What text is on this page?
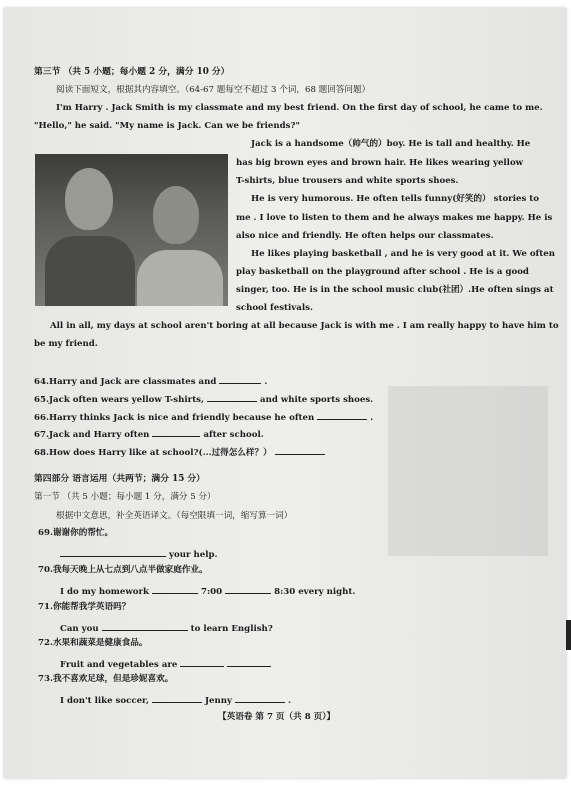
第三节 （共 5 小题；每小题 2 分，满分 10 分）
阅读下面短文，根据其内容填空。（64-67 题每空不超过 3 个词，68 题回答问题）
I'm Harry . Jack Smith is my classmate and my best friend. On the first day of school, he came to me.
"Hello," he said. "My name is Jack. Can we be friends?"
Jack is a handsome（帅气的）boy. He is tall and healthy. He
has big brown eyes and brown hair. He likes wearing yellow
T-shirts, blue trousers and white sports shoes.
He is very humorous. He often tells funny(好笑的） stories to
me . I love to listen to them and he always makes me happy. He is
also nice and friendly. He often helps our classmates.
He likes playing basketball , and he is very good at it. We often
play basketball on the playground after school . He is a good
singer, too. He is in the school music club(社团）.He often sings at
school festivals.
All in all, my days at school aren't boring at all because Jack is with me . I am really happy to have him to
be my friend.
64.Harry and Jack are classmates and	.
65.Jack often wears yellow T-shirts,	and white sports shoes.
66.Harry thinks Jack is nice and friendly because he often	.
67.Jack and Harry often	after school.
68.How does Harry like at school?(...过得怎么样？）
第四部分 语言运用（共两节；满分 15 分）
第一节 （共 5 小题；每小题 1 分，满分 5 分）
根据中文意思，补全英语译文。（每空限填一词，缩写算一词）
69.谢谢你的帮忙。
your help.
70.我每天晚上从七点到八点半做家庭作业。
I do my homework	7:00	8:30 every night.
71.你能帮我学英语吗？
Can you	to learn English?
72.水果和蔬菜是健康食品。
Fruit and vegetables are
73.我不喜欢足球，但是珍妮喜欢。
I don't like soccer,	Jenny	.
【英语卷 第 7 页（共 8 页）】
